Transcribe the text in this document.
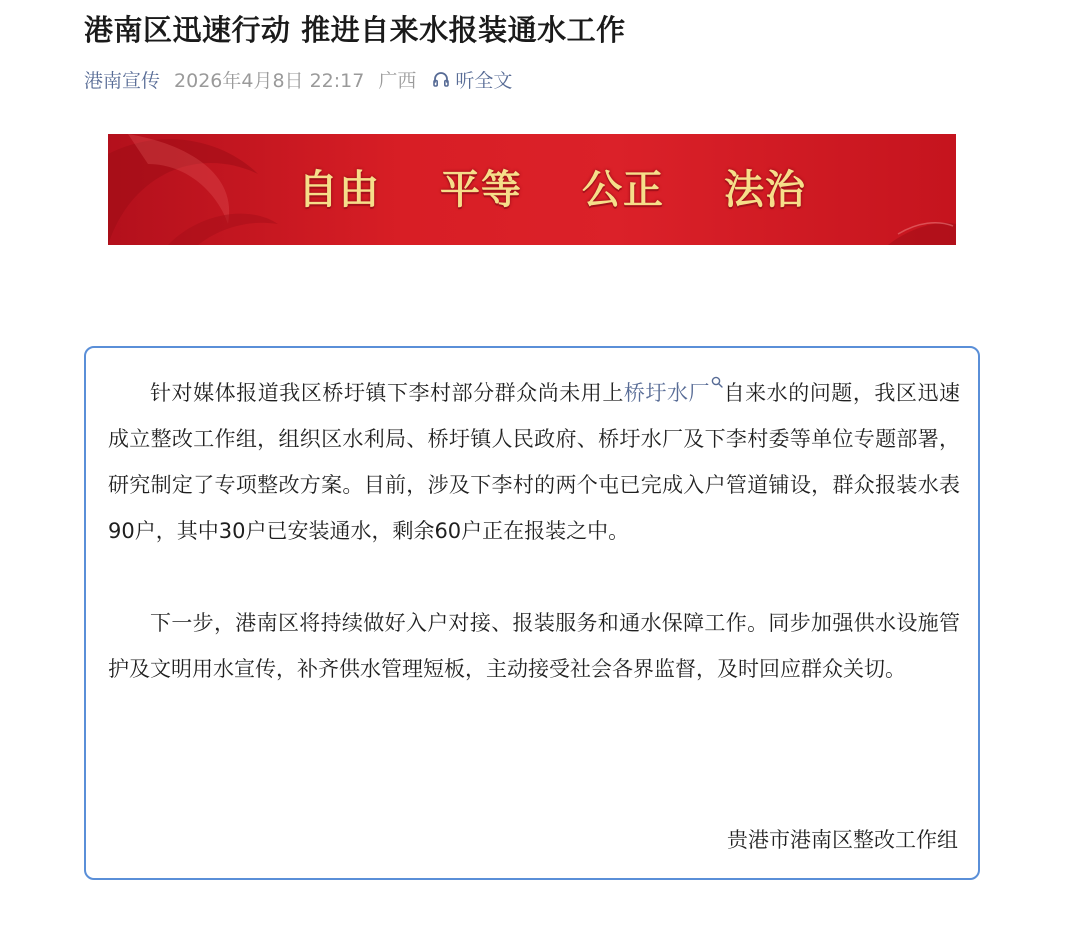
港南区迅速行动 推进自来水报装通水工作
港南宣传 2026年4月8日 22:17 广西 听全文
自由 平等 公正 法治

针对媒体报道我区桥圩镇下李村部分群众尚未用上桥圩水厂 自来水的问题，我区迅速成立整改工作组，组织区水利局、桥圩镇人民政府、桥圩水厂及下李村委等单位专题部署，研究制定了专项整改方案。目前，涉及下李村的两个屯已完成入户管道铺设，群众报装水表90户，其中30户已安装通水，剩余60户正在报装之中。

下一步，港南区将持续做好入户对接、报装服务和通水保障工作。同步加强供水设施管护及文明用水宣传，补齐供水管理短板，主动接受社会各界监督，及时回应群众关切。

贵港市港南区整改工作组
